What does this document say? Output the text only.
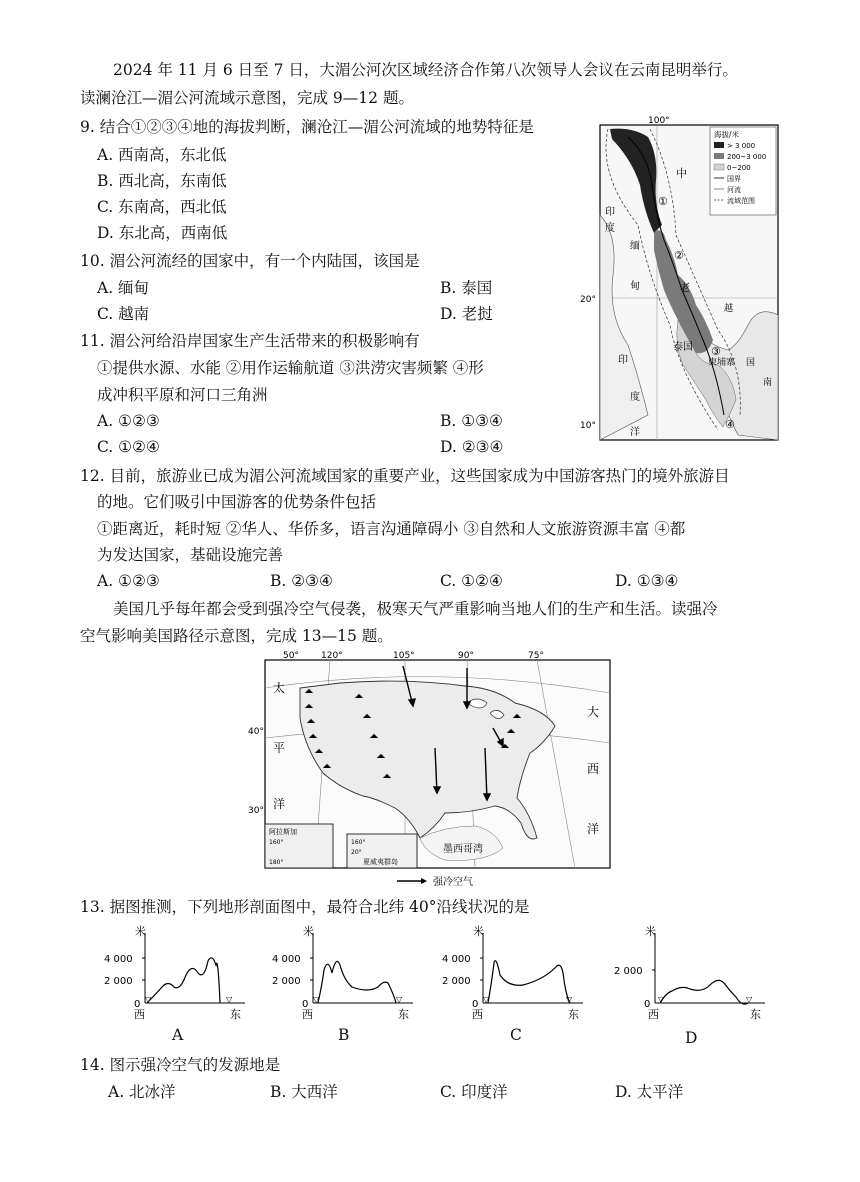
2024 年 11 月 6 日至 7 日，大湄公河次区域经济合作第八次领导人会议在云南昆明举行。
读澜沧江—湄公河流域示意图，完成 9—12 题。
9. 结合①②③④地的海拔判断，澜沧江—湄公河流域的地势特征是
A. 西南高，东北低
B. 西北高，东南低
C. 东南高，西北低
D. 东北高，西南低
10. 湄公河流经的国家中，有一个内陆国，该国是
A. 缅甸	B. 泰国
C. 越南	D. 老挝
11. 湄公河给沿岸国家生产生活带来的积极影响有
①提供水源、水能 ②用作运输航道 ③洪涝灾害频繁 ④形
成冲积平原和河口三角洲
A. ①②③	B. ①③④
C. ①②④	D. ②③④
12. 目前，旅游业已成为湄公河流域国家的重要产业，这些国家成为中国游客热门的境外旅游目
的地。它们吸引中国游客的优势条件包括
①距离近，耗时短 ②华人、华侨多，语言沟通障碍小 ③自然和人文旅游资源丰富 ④都
为发达国家，基础设施完善
A. ①②③	B. ②③④	C. ①②④	D. ①③④
美国几乎每年都会受到强冷空气侵袭，极寒天气严重影响当地人们的生产和生活。读强冷
空气影响美国路径示意图，完成 13—15 题。
100°
20°
10°
海拔/米
> 3 000
200~3 000
0~200
国界
河流
流域范围
中
印
度
缅
甸
泰国
老
越
南
柬埔寨 国
印
度
洋
①
②
③
④
50° 120°	105°	90°	75°
40°
30°
墨西哥湾
太
平
洋
大
西
洋
阿拉斯加
160°
180°
160°
20°
夏威夷群岛
强冷空气
13. 据图推测，下列地形剖面图中，最符合北纬 40°沿线状况的是
米
4 000
2 000
0 ▽	▽
西	东
A
米
4 000
2 000
0 ▽	▽
西	东
B
米
4 000
2 000
0 ▽	▽
西	东
C
米
2 000
0 ▽	▽
西	东
D
14. 图示强冷空气的发源地是
A. 北冰洋	B. 大西洋	C. 印度洋	D. 太平洋
